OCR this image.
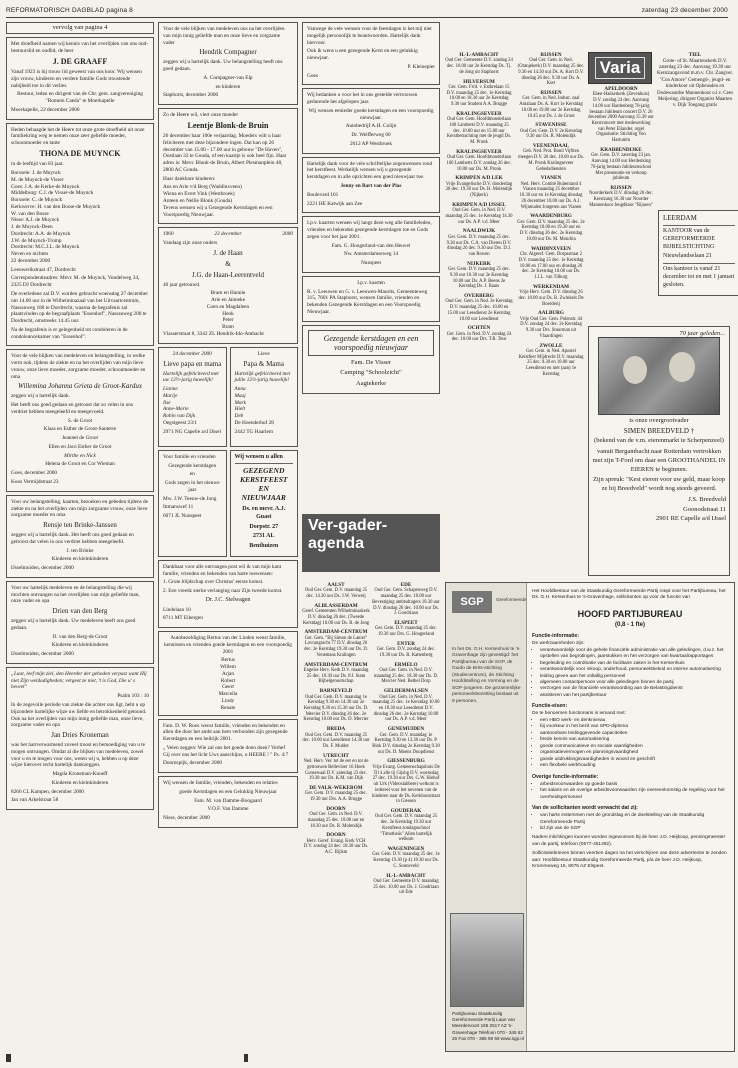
REFORMATORISCH DAGBLAD pagina 8	zaterdag 23 december 2000
vervolg van pagina 4

Met droefheid namen wij kennis van het overlijden van ons oud-bestuurslid en oudlid, de heer

J. DE GRAAFF

Vanaf 1923 is hij trouw lid geweest van ons koor. Wij wensen zijn vrouw, kinderen en verdere familie Gods troostende nabijheid toe in dit verlies.

Bestuur, leden en dirigent van de Chr. gem. zangvereniging "Romein Caeda" te Moerkapelle

Moerkapelle, 22 december 2000

Heden behaagde het de Heere tot onze grote droefheid uit onze familiekring weg te nemen onze zeer geliefde moeder, schoonmoeder en tante

THONA DE MUYNCK

in de leeftijd van 83 jaar.

Borssele: J. de Muynck
M. de Muynck-de Visser
Goes: J.A. de Kerke-de Muynck
Middelburg: C.J. de Visser-de Muynck
Borssele: C. de Muynck
Kerkwerve: H. van den Bosse-de Muynck
W. van den Bosse
Nisse: A.J. de Muynck
J. de Muynck-Deen
Dordrecht: A.A. de Muynck
J.W. de Muynck-Tromp
Dordrecht: M.C.J.L. de Muynck
Neven en nichten

22 december 2000

Leeuwerikstraat 47, Dordrecht

Correspondentieadres: Mevr. M. de Muynck, Vondelweg 34, 2325 DJ Dordrecht

De overledene zal D.V. worden gebracht woensdag 27 december om 14.00 uur in de Wilhelminazaal van het Uitvaartcentrum, Nassauweg 180 te Dordrecht, waarna de begrafenis zal plaatsvinden op de begraafplaats "Essenhof", Nassauweg 200 te Dordrecht, omstreeks 14.45 uur.

Na de begrafenis is er gelegenheid tot condoleren in de condoleancekamer van "Essenhof".

Voor de vele blijken van medeleven en belangstelling, in welke vorm ook, tijdens de ziekte en na het overlijden van mijn lieve vrouw, onze lieve moeder, zorgzame moeder, schoonmoeder en oma

Willemina Johanna Grieta de Groot-Kardux

zeggen wij u hartelijk dank.

Het heeft ons goed gedaan en getroost dat zo velen in ons verdriet hebben meegeleefd en meegevoeld.

S. de Groot

Klaas en Esther de Groot-Santerre

Jeannet de Groot

Ellen en Jaco Esther de Groot

Mirthe en Nick

Helena de Groot en Cor Wieman

Goes, december 2000

Koos Vermijdstraat 23

Voor uw belangstelling, kaarten, bezoeken en gebeden tijdens de ziekte en na het overlijden van mijn zorgzame vrouw, onze lieve zorgzame moeder en oma

Rensje ten Brinke-Janssen

zeggen wij u hartelijk dank. Het heeft ons goed gedaan en getroost dat velen in ons verdriet hebben meegeleefd.

J. ten Brinke

Kinderen en kleinkinderen

IJsselmuiden, december 2000

Voor uw hartelijk medeleven en de belangstelling die wij mochten ontvangen na het overlijden van mijn geliefde man, onze vader en opa

Drien van den Berg

zeggen wij u hartelijk dank. Uw medeleven heeft ons goed gedaan.

D. van den Berg-de Groot

Kinderen en kleinkinderen

IJsselmuiden, december 2000

„Laat, leef mijn ziel, den Heerder der geboden verpast want Hij niet Zijn weldadigheden; vergeet ze niet, 't is God, Die u' s beveel"

Psalm 103 : 10

In de zegevolle periode van ziekte die achter ons ligt, hebt u op bijzondere hartelijke wijze uw liefde en betrokkenheid getoond. Ook na het overlijden van mijn innig geliefde man, onze lieve, zorgzame vader en opa

Jan Dries Kroneman

was het hartverwarmend zoveel troost en bemoediging van u te mogen ontvangen. Omdat al die blijken van medeleven, zowel voor u en te mogen voor ons, weten wij u, hebben u op deze wijze hierover recht hartelijk dankzeggen.

Magda Kroneman-Knoeff

Kinderen en kleinkinderen

8266 CL Kampen, december 2000

Jan van Arkelstraat 58

Voor de vele blijken van medeleven ons na het overlijden van mijn innig geliefde man en onze lieve en zorgzame vader

Hendrik Compagner

zeggen wij u hartelijk dank. Uw belangstelling heeft ons goed gedaan.

A. Compagner-van Elp

en kinderen

Staphorst, december 2000

Zo de Heere wil, viert onze moeder

Leentje Blonk-de Bruin

26 december haar 100e verjaardag. Moeders wilt u haar feliciteren met deze bijzondere ingen. Dat kan op 26 december van 15.00 - 17.00 uur in gebouw "De Haven", Oostlaan 33 te Gouda, of een kaartje is ook heel fijn. Haar adres is: Mevr. Blonk-de Bruin, Albert Plesmanplein 48, 2800 AC Gouda.

Haar dankbare kinderen:

Ans en Arie v/d Berg (Waddinxveen)
Wiena en Evert Vink (Westbroek)
Anteen en Nellie Blonk (Gouda)

Tevens wensen wij u Gezegende Kerstdagen en een Voorspoedig Nieuwjaar.

1960	23 december	2000

Vandaag zijn onze ouders

J. de Haan
&
J.G. de Haan-Leerentveld

40 jaar getrouwd.

Bram en Hannie
Arie en Janneke
Coen en Magdaleen
Henk
Peter
Bram

Vlasserstraat 8, 3342 ZL Hendrik-Ido-Ambacht

24 december 2000

Lieve papa en mama

Hartelijk gefeliciteerd met uw 12½-jarig huwelijk!

Lianne
Marije
Ilse
Anne-Marie
Robin van Dijk

Oegstgeest 23/1

2971 NG Capelle a/d IJssel

Lieve

Papa & Mama

Hartelijk gefeliciteerd met jullie 12½-jarig huwelijk!

Anna
Maaj
Mark
Hielt
Deb

De Hoenderhof 28

2442 TG Haarlem

Voor familie en vrienden

Gezegende kerstdagen

en

Gods zegen in het nieuwe jaar

Mw. J.W. Teeuw-de Jong

Ittmanswef 11

6071 JL Nunspeet

Wij wensen u allen

GEZEGEND
KERSTFEEST
EN
NIEUWJAAR

Ds. en mevr. A.J. Guast

Dorpstr. 27

2731 AL

Benthuizen

Dankbaar voor alle ontvangen post wil ik van mijn kant familie, vrienden en bekenden van harte toewensen:

1. Grote blijdschap over Christus' eerste komst.

2. Een vreedz sterke verlanging naar Zijn tweede komst.

Dr. J.C. Stelwagen

Lindelaan 10

8711 MT Eibergen

Autobezeldiging Bertus van der Linden wenst familie, kennissen en vrienden goede kerstdagen en een voorspoedig 2001

Bertus
Willem
Arjan
Robert
Geert
Marcella
Lindy
Renate

Fam. D. W. Roos wenst familie, vrienden en bekenden en allen die door het ambt aan hem verbonden zijn gezegende Kerstdagen en een heilrijk 2001.

„ Velen zeggen: Wie zal ons het goede doen doen? Verhef Gij over ons het licht Uws aanschijns, o HEERE ! " Ps. 4:7

Doornspijk, december 2000

Wij wensen de familie, vrienden, bekenden en relaties

goede Kerstdagen en een Gelukkig Nieuwjaar

Fam. M. van Damme-Boogaard

V.O.F. Van Damme

Nisse, december 2000

Vanwege de vele wensen voor de feestdagen is het mij niet mogelijk persoonlijk te beantwoorden. Hartelijk dank hiervoor.

Ook ik wens u een gezegende Kerst en een gelukkig nieuwjaar.

P. Kleinepier

Goes

Wij bedanken u voor het in ons gestelde vertrouwen gedurende het afgelopen jaar.

Wij wensen eenieder goede kerstdagen en een voorspoedig nieuwjaar.

Autobedrijf A.H. Colijn

Dr. Welfferweg 60

2612 AP Westbroek

Hartelijk dank voor de vele schriftelijke zegenwensen rond het kerstfeest. Werkelijk wensen wij u gezegende kerstdagen en in alle opzichten een goed nieuwjaar toe.

Jenny en Bart van der Plas

Boulevard 101

2221 HE Katwijk aan Zee

I.p.v. kaarten wensen wij langs deze weg alle familieleden, vrienden en bekenden gezegende kerstdagen toe en Gods zegen voor het jaar 2001.

Fam. G. Hoogerland-van den Heuvel

Nw. Amsterdamseweg 14

Nunspeet

I.p.v. kaarten

R. v. Leeuwen en G. v. Leeuwen-Maurits, Gemeenteweg 315, 7601 PA Staphorst, wensen familie, vrienden en bekenden Gezegende Kerstdagen en een Voorspoedig Nieuwjaar.

Gezegende kerstdagen en een voorspoedig nieuwjaar

Fam. De Visser

Camping "Schoolzicht"

Aagtekerke

Ver-gader-agenda
H.-I.-AMBACHT
Oud Ger. Gemeente D.V. zondag 24 dec. 10.00 uur 2e Kerstdag Ds. Tj. de Jong uit Staphorst
HILVERSUM
Ger. Gem. Frrd. v. Esthrelaan 15 D.V. maandag 25 dec. 1e Kerstdag 10.00 en 18.30 uur 2e Kerstdag 9.30 uur Student A.A. Brugge
KRALINGSEVEER
Oud Ger. Gem. Hoofdmonderlaan 160 Lamberts D.V. maandag 25 dec. 10.00 uur en 15.00 uur Kerstbetrachting met de jeugd Ds. M. Pronk
KRALINGSEVEER
Oud Ger. Gem. Hoofdmonderlaan 160 Lamberts D.V. zondag 26 dec. 10.00 uur Ds. M. Pronk
KRIMPEN A/D LEK
Vrije Evangelische D.V. donderdag 28 dec. 19.30 uur Ds. H. Molendijk (Nijkerk)
KRIMPEN A/D IJSSEL
Oud Ger. Gem. in Ned. D.V. maandag 25 dec. 1e Kerstdag 14.30 uur Ds. A.P. v.d. Meer
NAALDWIJK
Ger. Gem. D.V. maandag 25 dec. 9.30 uur Ds. C.A. van Dieren D.V. dinsdag 26 dec. 9.30 uur Drs. D.J. van Rowen
NIJKERK
Ger. Gem. D.V. maandag 25 dec. 9.30 uur 18.30 uur 2e Kerstdag 10.00 uur Ds. A.P. Beens 2e Kerstdag Ds. J. Baars
OVERBERG
Oud Ger. Gem. in Ned. 2e Kerstdag D.V. maandag 25 dec. 10.00 en 15.00 uur Leesdienst 2e Kerstdag 10.00 uur Leesdienst
OCHTEN
Ger. Gem. in Ned. D.V. zondag 24 dec. 10.00 uur Drs. T.R. Teur
RIJSSEN
Oud Ger. Gem. in Ned. (Oranjekerk) D.V. maandag 25 dec. 9.30 en 14.30 uur Ds. A. Kort D.V. dinsdag 26 dec. 9.30 uur Ds. A. Kort
RIJSSEN
Ger. Gem. in Ned. Indust. zaal Antalaan Ds. A. Kort 1e Kerstdag 10.00 en 19.00 uur 2e Kerstdag 10.45 uur Ds. J. de Groot
STAVENISSE
Oud Ger. Gem. D.V. 2e Kerstdag 9.30 uur Ds. R. Molendijk
VEENENDAAL
Geb. Ned. Prot. Bond Vijftien meegen D.V. 26 dec. 10.00 uur Ds. M. Pronk Kralingseveer Gebedsdiensten
VIANEN
Ned. Herv. Comité Buitenrand 4 Vianen maandag 25 december 10.30 uur en 1e Kerstdag dinsdag 26 december 10.00 uur Ds. A.J. Wijnmalen Jongeren ans Vianen
WAARDENBURG
Ger. Gem. D.V. maandag 25 dec. 2e Kerstdag 10.00 en 19.30 uur en D.V. dinsdag 26 dec. 2e Kerstdag 10.00 uur Ds. M. Mondria
WADDINXVEEN
Chr. Algeref. Gem. Dorpsstraat 2 D.V. maandag 25 dec. 1e Kerstdag 10.00 en 17.00 uur en dinsdag 26 dec. 2e Kerstdag 10.00 uur Ds. J.J.L. van Tilburg
WERKENDAM
Vrije Herv. Gem. D.V. dinsdag 26 dec. 10.00 uur Ds. R. Zwinkels De Boerderij
AALBURG
Vrije Oud Ger. Gem. Polenstr. 44 D.V. zondag 24 dec. 2e Kerstdag 9.30 uur Drs. Stuurman uit Vlaardingen
ZWOLLE
Ger. Gem. in Ned. Apostel Kerstfeer Mijdrecht D.V. maandag 25 dec. 9.30 en 18.00 uur Leesdienst en met (aan) 1e Kerstdag
EDE
Oud Ger. Gem. Schapenweg D.V. maandag 25 dec. 10.00 uur Bevestiging ambtsdragers 18.30 uur D.V. dinsdag 26 dec. 10.00 uur Ds. J. Goudriaan
ELSPEET
Ger. Gem. D.V. maandag 25 dec. 19.30 uur Drs. G. Hoogerland
ENTER
Ger. Gem. D.V. zondag 24 dec. 19.30 uur Ds. R. Kattenberg
ERMELO
Oud Ger. Gem. in Ned. D.V. maandag 25 dec. 18.30 uur Ds. D. Mercier Ned. Bethel Dorp
GELDERMALSEN
Oud Ger. Gem. in Ned. D.V. maandag 25 dec. 1e Kerstdag 10.00 en 18.30 uur Leesdienst D.V. dinsdag 26 dec. 2e Kerstdag 10.00 uur Ds. A.P. v.d. Meer
GENEMUIDEN
Ger. Gem. D.V. maandag 1e Kerstdag 9.30 en 13.30 uur Ds. P. Blok D.V. dinsdag 2e Kerstdag 9.30 uur Ds. D. Moens Doopdienst
GIESSENBURG
Vrije Evang. Gemeenschapshuis De Til 4 alle tij Gijsbg D.V. woensdag 27 dec. 19.30 uur Drs. G.W. Hiehof uit Urk (Videoslabbere) welkom is iedereel voor het nevenen van de kinderen naar de Ds. Kerkhoutstraat in Giessen
GOUDERAK
Oud Ger. Gem. D.V. maandag 25 dec. 2e Kerstdag 19.30 uur Kerstfeest zondagsschool "Timotheüs" Allen hartelijk welkom
WAGENINGEN
Ger. Gem. D.V. maandag 25 dec. 1e Kerstdag 19.30 (p 4) 18.30 uur Ds. C. Sonneveld
H.-I.-AMBACHT
Oud Ger. Gemeente D.V. maandag 25 dec. 10.00 uur Ds. J. Goudriaan uit Ede
AALST
Oud Ger. Gem. D.V. maandag 25 dec. 14.30 uur Ds. J.W. Verweij
ALBLASSERDAM
Geref. Gemeenten Wilhelminaskerk D.V. dinsdag 26 dec. (Tweede Kerstdag) 10.00 uur Ds. R. de Jong
AMSTERDAM-CENTRUM
Ger. Gem. "Bij Simon de Lanier" Lovrangracht 77 D.V. dinsdag 26 dec. 2e Kerstdag 19.30 uur Ds. D. Venemans Kralingen
AMSTERDAM-CENTRUM
Engelse Herv. Kerk D.V. maandag 25 dec. 10.30 uur Ds. P.J. Stam Bijbelgenootschap
BARNEVELD
Oud Ger. Gem. D.V. maandag 1e Kerstdag 9.30 en 14.30 uur 2e Kerstdag 9.30 en 15.30 uur Ds. D. Mercier D.V. dinsdag 26 dec. 2e Kerstdag 10.00 uur Ds. D. Mercier
BREDA
Oud Ger. Gem. D.V. maandag 25 dec. 10.00 uur Leesdienst 14.30 uur Ds. F. Mulder
UTRECHT
Ned. Herv. Ver. tot de eer en tot de getrouwen Bellevloer 16 Hoek Consewaal D.V. zaterdag 23 dec. 19.30 uur Ds. K.M. van Dijk
DE VALK-WEKEROM
Ger. Gem. D.V. maandag 25 dec. 19.30 uur Drs. A.A. Brugge
DOORN
Oud Ger. Gem. in Ned. D.V. maandag 25 dec. 10.00 uur en 18.30 uur Ds. R. Molendijk
DOORN
Herv. Geref. Evang. Kerk VCH D.V. zondag 24 dec. 18.30 uur Ds. A.C. Bijlsm
Varia
APELDOORN
Eben-Haëzerkerk (Zevenhuis) D.V. zondag 24 dec. Aanvang 14.00 uur Hardenberg 70-jarig bestaan Jubileum concert D.V. 26 december 2000 Aanvang 15.30 uur Kerstconcert met medewerking van Peter Eilander, orgel Organisatie: Stichting Von Hartumm
KRABBENDIJKE
Ger. Gem. D.V. zaterdag 23 jan. Aanvang 14.00 uur Herdenking 70-jarig bestaan Jubileumschool Met presentatie en verkoop jubileum
RIJSSEN
Noorderkerk D.V. dinsdag 26 dec. Kerstzang 16.30 uur Noorder Mannenkoor Jeugdkoor "Rijssen"
TIEL
Grote- of St. Maartenskerk D.V. zaterdag 23 dec. Aanvang 19.30 uur Kerstzangavond m.m.v. Chr. Zangver. "Con Amore" Gemengd-, jeugd- en kinderkoor uit Opheusden en Dodewaardse Mannenkoor o.l.v. Cees Meijering, dirigent Organist Maarten v. Dijk Toegang gratis

LEERDAM

KANTOOR van de GEREFORMEERDE BIJBELSTICHTING

Nieuwlandselaan 21

Ons kantoor is vanaf 21 december tot en met 1 januari gesloten.

70 jaar geleden...

is onze overgrootvader

SIMEN BREEDVELD †

(bekend van de v.m. eierenmarkt te Scherpenzeel)

vanuit Bergambacht naar Rotterdam vertrokken met zijn T-Ford om daar een GROOTHANDEL IN EIEREN te beginnen.

Zijn spreuk: "Kest eieren voor uw geld, maar koop ze bij Breedveld" wordt nog steeds geveerd.

J.S. Breedveld

Goonodstraat 11

2901 RE Capelle a/d IJssel

SGP	Gereformeerde
In het Ds. G.H. Kersenhuis te 's-Gravenhage zijn gevestigd: het Partijbureau van de SGP, de Guido de Brès-stichting (Studiecentrum), de Stichting Hoofdstelling en Vorming en de SGP-jongeren. De gezamenlijke personeelsbezetting bestaat uit 9 personen.
Partijbureau Staatkundig Gereformeerde Partij Laan van Meerdervoort 165 2517 AZ 's-Gravenhage Telefoon 070 - 345 62 26 Fax 070 - 365 59 59 www.sgp.nl

Het Hoofdbestuur van de Staatkundig Gereformeerde Partij roept voor het Partijbureau, het Ds. G.H. Kersenhuis te 's-Gravenhage, sollicitanten op voor de functie van

HOOFD PARTIJBUREAU
(0,8 - 1 fte)
Functie-informatie:

De werkzaamheden zijn:

• verantwoordelijk voor de gehele financiële administratie van alle geledingen, d.w.z. het opstellen van begrotingen, jaarstukken en het verzorgen van kwartaalrapportages
• begeleiding en coördinatie van de facilitaire zaken in het Kersenhuis
• verantwoordelijk voor inkoop, onderhoud, personeelsbeleid en interne automatisering
• leiding geven aan het voltallig personeel
• algemeen contactpersoon voor alle geledingen binnen de partij
• verzorgen van de financiële verantwoording aan de Belastingdienst
• assisteren van het partijbestuur
Functie-eisen:

De te benoemen functionaris is iemand met:

• een HBO werk- en denkniveau
• bij voorkeur in het bezit van SPD-diploma
• aantoonbare leidinggevende capaciteiten
• brede kennis van automatisering
• goede communicatieve en sociale vaardigheden
• organisatievermogen en planningsvaardigheid
• goede uitdrukkingsvaardigheden in woord en geschrift
• een flexibele werkhouding
Overige functie-informatie:
• arbeidsvoorwaarden op goede basis
• het salaris en de overige arbeidsvoorwaarden zijn overeenkomstig de regeling voor het overheidspersoneel
Van de sollicitanten wordt verwacht dat zij:
• van harte instemmen met de grondslag en de doelstelling van de Staatkundig Gereformeerde Partij
• lid zijn van de SGP

Nadere inlichtingen kunnen worden ingewonnen bij de heer J.D. Heijkoop, penningmeester van de partij, telefoon (0577-451492).

Sollicitatiebrieven binnen veertien dagen na het verschijnen van deze advertentie te zenden aan: Hoofdbestuur Staatkundig Gereformeerde Partij, p/a de heer J.D. Heijkoop, Krommeweg 15, 8075 AZ Elspeet.
